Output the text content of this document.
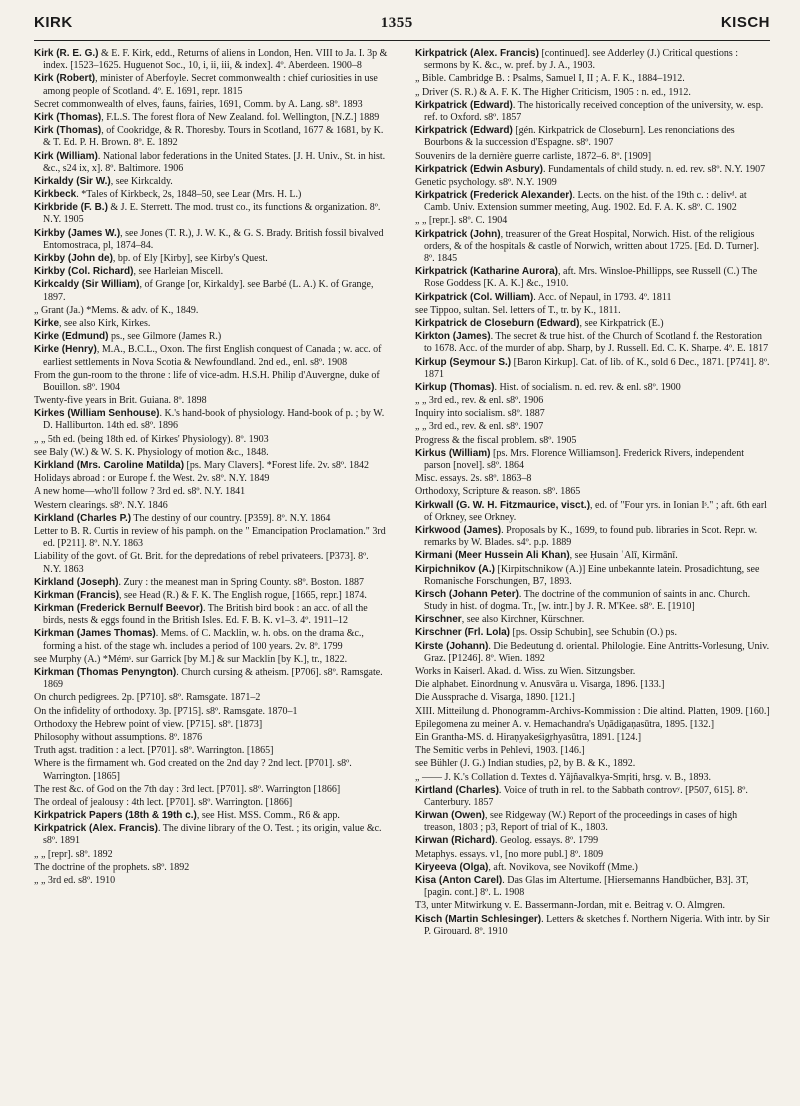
KIRK	1355	KISCH
Kirk (R. E. G.) & E. F. Kirk, edd., Returns of aliens in London, Hen. VIII to Ja. I. 3p & index. [1523–1625. Huguenot Soc., 10, i, ii, iii, & index]. 4º. Aberdeen. 1900–8
Kirk (Robert), minister of Aberfoyle. Secret commonwealth : chief curiosities in use among people of Scotland. 4º. E. 1691, repr. 1815
Secret commonwealth of elves, fauns, fairies, 1691, Comm. by A. Lang. s8º. 1893
Kirk (Thomas), F.L.S. The forest flora of New Zealand. fol. Wellington, [N.Z.] 1889
Kirk (Thomas), of Cookridge, & R. Thoresby. Tours in Scotland, 1677 & 1681, by K. & T. Ed. P. H. Brown. 8º. E. 1892
Kirk (William). National labor federations in the United States. [J. H. Univ., St. in hist. &c., s24 ix, x]. 8º. Baltimore. 1906
Kirkaldy (Sir W.), see Kirkcaldy.
Kirkbeck. *Tales of Kirkbeck, 2s, 1848–50, see Lear (Mrs. H. L.)
Kirkbride (F. B.) & J. E. Sterrett. The mod. trust co., its functions & organization. 8º. N.Y. 1905
Kirkby (James W.), see Jones (T. R.), J. W. K., & G. S. Brady. British fossil bivalved Entomostraca, pl, 1874–84.
Kirkby (John de), bp. of Ely [Kirby], see Kirby's Quest.
Kirkby (Col. Richard), see Harleian Miscell.
Kirkcaldy (Sir William), of Grange [or, Kirkaldy]. see Barbé (L. A.) K. of Grange, 1897.
„ Grant (Ja.) *Mems. & adv. of K., 1849.
Kirke, see also Kirk, Kirkes.
Kirke (Edmund) ps., see Gilmore (James R.)
Kirke (Henry), M.A., B.C.L., Oxon. The first English conquest of Canada ; w. acc. of earliest settlements in Nova Scotia & Newfoundland. 2nd ed., enl. s8º. 1908
From the gun-room to the throne : life of vice-adm. H.S.H. Philip d'Auvergne, duke of Bouillon. s8º. 1904
Twenty-five years in Brit. Guiana. 8º. 1898
Kirkes (William Senhouse). K.'s hand-book of physiology. Hand-book of p. ; by W. D. Halliburton. 14th ed. s8º. 1896
„ „ 5th ed. (being 18th ed. of Kirkes' Physiology). 8º. 1903
see Baly (W.) & W. S. K. Physiology of motion &c., 1848.
Kirkland (Mrs. Caroline Matilda) [ps. Mary Clavers]. *Forest life. 2v. s8º. 1842
Holidays abroad : or Europe f. the West. 2v. s8º. N.Y. 1849
A new home—who'll follow ? 3rd ed. s8º. N.Y. 1841
Western clearings. s8º. N.Y. 1846
Kirkland (Charles P.) The destiny of our country. [P359]. 8º. N.Y. 1864
Letter to B. R. Curtis in review of his pamph. on the " Emancipation Proclamation." 3rd ed. [P211]. 8º. N.Y. 1863
Liability of the govt. of Gt. Brit. for the depredations of rebel privateers. [P373]. 8º. N.Y. 1863
Kirkland (Joseph). Zury : the meanest man in Spring County. s8º. Boston. 1887
Kirkman (Francis), see Head (R.) & F. K. The English rogue, [1665, repr.] 1874.
Kirkman (Frederick Bernulf Beevor). The British bird book : an acc. of all the birds, nests & eggs found in the British Isles. Ed. F. B. K. v1–3. 4º. 1911–12
Kirkman (James Thomas). Mems. of C. Macklin, w. h. obs. on the drama &c., forming a hist. of the stage wh. includes a period of 100 years. 2v. 8º. 1799
see Murphy (A.) *Mémˢ. sur Garrick [by M.] & sur Macklin [by K.], tr., 1822.
Kirkman (Thomas Penyngton). Church cursing & atheism. [P706]. s8º. Ramsgate. 1869
On church pedigrees. 2p. [P710]. s8º. Ramsgate. 1871–2
On the infidelity of orthodoxy. 3p. [P715]. s8º. Ramsgate. 1870–1
Orthodoxy the Hebrew point of view. [P715]. s8º. [1873]
Philosophy without assumptions. 8º. 1876
Truth agst. tradition : a lect. [P701]. s8º. Warrington. [1865]
Where is the firmament wh. God created on the 2nd day ? 2nd lect. [P701]. s8º. Warrington. [1865]
The rest &c. of God on the 7th day : 3rd lect. [P701]. s8º. Warrington [1866]
The ordeal of jealousy : 4th lect. [P701]. s8º. Warrington. [1866]
Kirkpatrick Papers (18th & 19th c.), see Hist. MSS. Comm., R6 & app.
Kirkpatrick (Alex. Francis). The divine library of the O. Test. ; its origin, value &c. s8º. 1891
„ „ [repr]. s8º. 1892
The doctrine of the prophets. s8º. 1892
„ „ 3rd ed. s8º. 1910
Kirkpatrick (Alex. Francis) [continued]. see Adderley (J.) Critical questions : sermons by K. &c., w. pref. by J. A., 1903.
„ Bible. Cambridge B. : Psalms, Samuel I, II ; A. F. K., 1884–1912.
„ Driver (S. R.) & A. F. K. The Higher Criticism, 1905 : n. ed., 1912.
Kirkpatrick (Edward). The historically received conception of the university, w. esp. ref. to Oxford. s8º. 1857
Kirkpatrick (Edward) [gén. Kirkpatrick de Closeburn]. Les renonciations des Bourbons & la succession d'Espagne. s8º. 1907
Souvenirs de la dernière guerre carliste, 1872–6. 8º. [1909]
Kirkpatrick (Edwin Asbury). Fundamentals of child study. n. ed. rev. s8º. N.Y. 1907
Genetic psychology. s8º. N.Y. 1909
Kirkpatrick (Frederick Alexander). Lects. on the hist. of the 19th c. : delivᵈ. at Camb. Univ. Extension summer meeting, Aug. 1902. Ed. F. A. K. s8º. C. 1902
„ „ [repr.]. s8º. C. 1904
Kirkpatrick (John), treasurer of the Great Hospital, Norwich. Hist. of the religious orders, & of the hospitals & castle of Norwich, written about 1725. [Ed. D. Turner]. 8º. 1845
Kirkpatrick (Katharine Aurora), aft. Mrs. Winsloe-Phillipps, see Russell (C.) The Rose Goddess [K. A. K.] &c., 1910.
Kirkpatrick (Col. William). Acc. of Nepaul, in 1793. 4º. 1811
see Tippoo, sultan. Sel. letters of T., tr. by K., 1811.
Kirkpatrick de Closeburn (Edward), see Kirkpatrick (E.)
Kirkton (James). The secret & true hist. of the Church of Scotland f. the Restoration to 1678. Acc. of the murder of abp. Sharp, by J. Russell. Ed. C. K. Sharpe. 4º. E. 1817
Kirkup (Seymour S.) [Baron Kirkup]. Cat. of lib. of K., sold 6 Dec., 1871. [P741]. 8º. 1871
Kirkup (Thomas). Hist. of socialism. n. ed. rev. & enl. s8º. 1900
„ „ 3rd ed., rev. & enl. s8º. 1906
Inquiry into socialism. s8º. 1887
„ „ 3rd ed., rev. & enl. s8º. 1907
Progress & the fiscal problem. s8º. 1905
Kirkus (William) [ps. Mrs. Florence Williamson]. Frederick Rivers, independent parson [novel]. s8º. 1864
Misc. essays. 2s. s8º. 1863–8
Orthodoxy, Scripture & reason. s8º. 1865
Kirkwall (G. W. H. Fitzmaurice, visct.), ed. of "Four yrs. in Ionian Iˢ." ; aft. 6th earl of Orkney, see Orkney.
Kirkwood (James). Proposals by K., 1699, to found pub. libraries in Scot. Repr. w. remarks by W. Blades. s4º. p.p. 1889
Kirmani (Meer Hussein Ali Khan), see Ḥusain ʿAlī, Kirmānī.
Kirpichnikov (A.) [Kirpitschnikow (A.)] Eine unbekannte latein. Prosadichtung, see Romanische Forschungen, B7, 1893.
Kirsch (Johann Peter). The doctrine of the communion of saints in anc. Church. Study in hist. of dogma. Tr., [w. intr.] by J. R. M'Kee. s8º. E. [1910]
Kirschner, see also Kirchner, Kürschner.
Kirschner (Frl. Lola) [ps. Ossip Schubin], see Schubin (O.) ps.
Kirste (Johann). Die Bedeutung d. oriental. Philologie. Eine Antritts-Vorlesung, Univ. Graz. [P1246]. 8º. Wien. 1892
Works in Kaiserl. Akad. d. Wiss. zu Wien. Sitzungsber.
Die alphabet. Einordnung v. Anusvāra u. Visarga, 1896. [133.]
Die Aussprache d. Visarga, 1890. [121.]
XIII. Mitteilung d. Phonogramm-Archivs-Kommission : Die altind. Platten, 1909. [160.]
Epilegomena zu meiner A. v. Hemachandra's Uṇādigaṇasūtra, 1895. [132.]
Ein Grantha-MS. d. Hiraṇyakeśigṛhyasūtra, 1891. [124.]
The Semitic verbs in Pehlevi, 1903. [146.]
see Bühler (J. G.) Indian studies, p2, by B. & K., 1892.
„ —— J. K.'s Collation d. Textes d. Yājñavalkya-Smṛiti, hrsg. v. B., 1893.
Kirtland (Charles). Voice of truth in rel. to the Sabbath controvʸ. [P507, 615]. 8º. Canterbury. 1857
Kirwan (Owen), see Ridgeway (W.) Report of the proceedings in cases of high treason, 1803 ; p3, Report of trial of K., 1803.
Kirwan (Richard). Geolog. essays. 8º. 1799
Metaphys. essays. v1, [no more publ.] 8º. 1809
Kiryeeva (Olga), aft. Novikova, see Novikoff (Mme.)
Kisa (Anton Carel). Das Glas im Altertume. [Hiersemanns Handbücher, B3]. 3T, [pagin. cont.] 8º. L. 1908
T3, unter Mitwirkung v. E. Bassermann-Jordan, mit e. Beitrag v. O. Almgren.
Kisch (Martin Schlesinger). Letters & sketches f. Northern Nigeria. With intr. by Sir P. Girouard. 8º. 1910
